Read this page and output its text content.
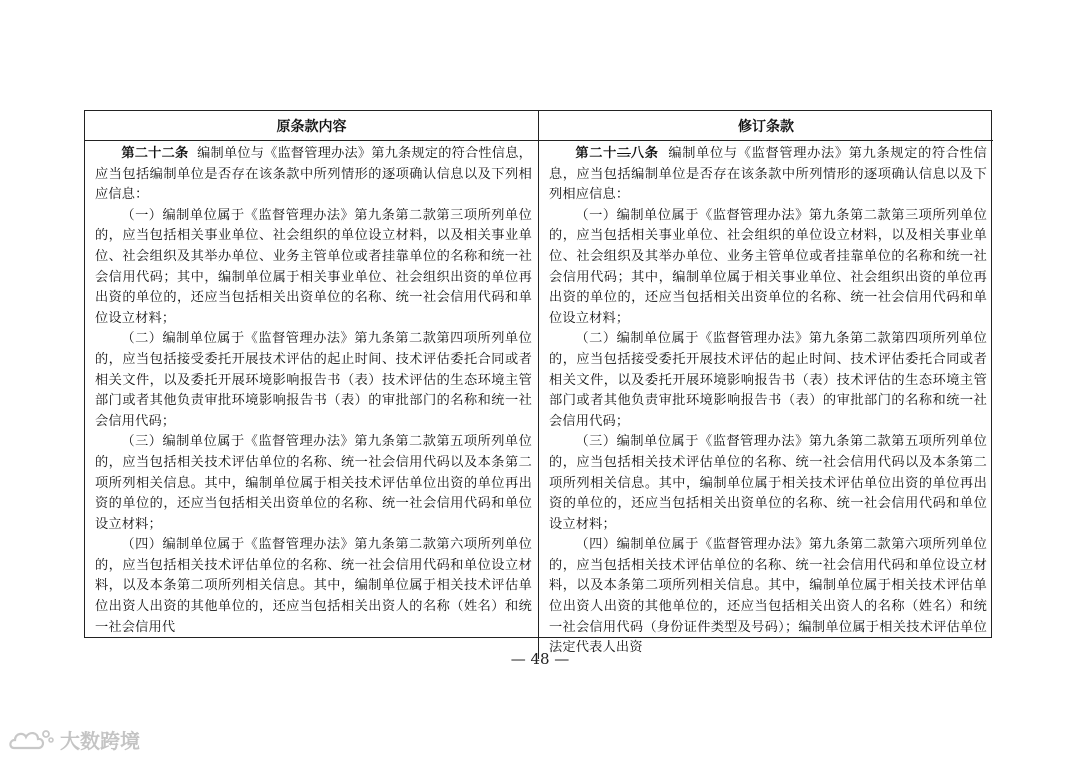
原条款内容	修订条款

第二十二条 编制单位与《监督管理办法》第九条规定的符合性信息，应当包括编制单位是否存在该条款中所列情形的逐项确认信息以及下列相应信息：

（一）编制单位属于《监督管理办法》第九条第二款第三项所列单位的，应当包括相关事业单位、社会组织的单位设立材料，以及相关事业单位、社会组织及其举办单位、业务主管单位或者挂靠单位的名称和统一社会信用代码；其中，编制单位属于相关事业单位、社会组织出资的单位再出资的单位的，还应当包括相关出资单位的名称、统一社会信用代码和单位设立材料；

（二）编制单位属于《监督管理办法》第九条第二款第四项所列单位的，应当包括接受委托开展技术评估的起止时间、技术评估委托合同或者相关文件，以及委托开展环境影响报告书（表）技术评估的生态环境主管部门或者其他负责审批环境影响报告书（表）的审批部门的名称和统一社会信用代码；

（三）编制单位属于《监督管理办法》第九条第二款第五项所列单位的，应当包括相关技术评估单位的名称、统一社会信用代码以及本条第二项所列相关信息。其中，编制单位属于相关技术评估单位出资的单位再出资的单位的，还应当包括相关出资单位的名称、统一社会信用代码和单位设立材料；

（四）编制单位属于《监督管理办法》第九条第二款第六项所列单位的，应当包括相关技术评估单位的名称、统一社会信用代码和单位设立材料，以及本条第二项所列相关信息。其中，编制单位属于相关技术评估单位出资人出资的其他单位的，还应当包括相关出资人的名称（姓名）和统一社会信用代

第二十二八条 编制单位与《监督管理办法》第九条规定的符合性信息，应当包括编制单位是否存在该条款中所列情形的逐项确认信息以及下列相应信息：

（一）编制单位属于《监督管理办法》第九条第二款第三项所列单位的，应当包括相关事业单位、社会组织的单位设立材料，以及相关事业单位、社会组织及其举办单位、业务主管单位或者挂靠单位的名称和统一社会信用代码；其中，编制单位属于相关事业单位、社会组织出资的单位再出资的单位的，还应当包括相关出资单位的名称、统一社会信用代码和单位设立材料；

（二）编制单位属于《监督管理办法》第九条第二款第四项所列单位的，应当包括接受委托开展技术评估的起止时间、技术评估委托合同或者相关文件，以及委托开展环境影响报告书（表）技术评估的生态环境主管部门或者其他负责审批环境影响报告书（表）的审批部门的名称和统一社会信用代码；

（三）编制单位属于《监督管理办法》第九条第二款第五项所列单位的，应当包括相关技术评估单位的名称、统一社会信用代码以及本条第二项所列相关信息。其中，编制单位属于相关技术评估单位出资的单位再出资的单位的，还应当包括相关出资单位的名称、统一社会信用代码和单位设立材料；

（四）编制单位属于《监督管理办法》第九条第二款第六项所列单位的，应当包括相关技术评估单位的名称、统一社会信用代码和单位设立材料，以及本条第二项所列相关信息。其中，编制单位属于相关技术评估单位出资人出资的其他单位的，还应当包括相关出资人的名称（姓名）和统一社会信用代码（身份证件类型及号码）；编制单位属于相关技术评估单位法定代表人出资

— 48 —
大数跨境
